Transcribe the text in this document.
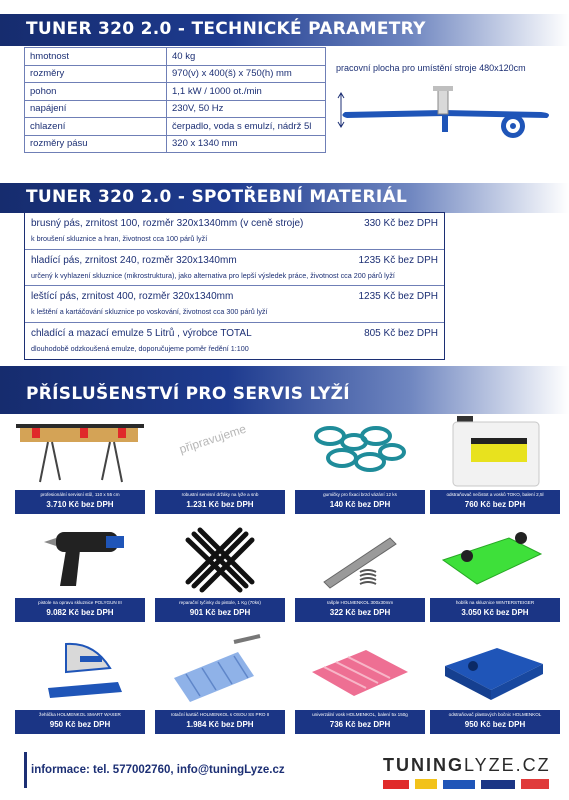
TUNER 320 2.0 - TECHNICKÉ PARAMETRY
hmotnost	40 kg
rozměry	970(v) x 400(š) x 750(h) mm
pohon	1,1 kW / 1000 ot./min
napájení	230V, 50 Hz
chlazení	čerpadlo, voda s emulzí, nádrž 5l
rozměry pásu	320 x 1340 mm
pracovní plocha pro umístění stroje 480x120cm
TUNER 320 2.0 - SPOTŘEBNÍ MATERIÁL
brusný pás, zrnitost 100, rozměr 320x1340mm (v ceně stroje)	330 Kč bez DPH
k broušení skluznice a hran, životnost cca 100 párů lyží
hladící pás, zrnitost 240, rozměr 320x1340mm	1235 Kč bez DPH
určený k vyhlazení skluznice (mikrostruktura), jako alternativa pro lepší výsledek práce, životnost cca 200 párů lyží
leštící pás, zrnitost 400, rozměr 320x1340mm	1235 Kč bez DPH
k leštění a kartáčování skluznice po voskování, životnost cca 300 párů lyží
chladící a mazací emulze 5 Litrů , výrobce TOTAL	805 Kč bez DPH
dlouhodobě odzkoušená emulze, doporučujeme poměr ředění 1:100
PŘÍSLUŠENSTVÍ PRO SERVIS LYŽÍ
profesionální servisní stůl, 110 x 55 cm
3.710 Kč bez DPH
robustní servisní držáky na lyže a snb
1.231 Kč bez DPH
připravujeme
gumičky pro fixaci brzd vázání 12 ks
140 Kč bez DPH
odstraňovač nečistot a vosků TOKO, balení 2,5l
760 Kč bez DPH
pistole na opravu skluznice POLYGUN III
9.082 Kč bez DPH
reparační tyčinky do pistole, 1 Kg (70ks)
901 Kč bez DPH
rašple HOLMENKOL 300x30mm
322 Kč bez DPH
hoblík na skluznice WINTERSTEIGER
3.050 Kč bez DPH
žehlička HOLMENKOL SMART WAXER
950 Kč bez DPH
rotační kartáč HOLMENKOL s OSOU SS PRO II
1.984 Kč bez DPH
univerzální vosk HOLMENKOL, balení 5x 150g
736 Kč bez DPH
odstraňovač plastových bočnic HOLMENKOL
950 Kč bez DPH
informace: tel. 577002760, info@tuningLyze.cz	TUNINGLYZE.CZ
